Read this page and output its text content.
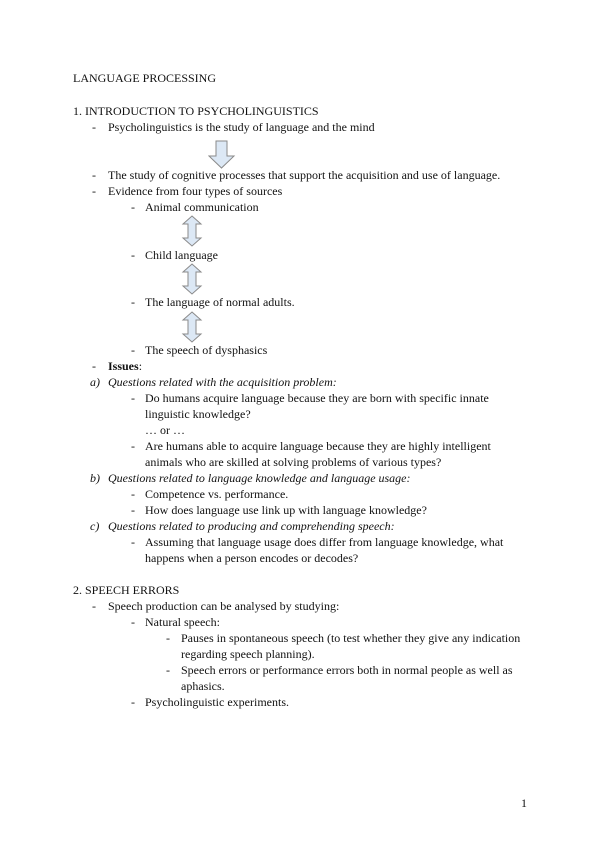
LANGUAGE PROCESSING
1. INTRODUCTION TO PSYCHOLINGUISTICS
- Psycholinguistics is the study of language and the mind
- The study of cognitive processes that support the acquisition and use of language.
- Evidence from four types of sources
- Animal communication
- Child language
- The language of normal adults.
- The speech of dysphasics
- Issues:
a) Questions related with the acquisition problem:
- Do humans acquire language because they are born with specific innate
linguistic knowledge?
… or …
- Are humans able to acquire language because they are highly intelligent
animals who are skilled at solving problems of various types?
b) Questions related to language knowledge and language usage:
- Competence vs. performance.
- How does language use link up with language knowledge?
c) Questions related to producing and comprehending speech:
- Assuming that language usage does differ from language knowledge, what
happens when a person encodes or decodes?
2. SPEECH ERRORS
- Speech production can be analysed by studying:
- Natural speech:
- Pauses in spontaneous speech (to test whether they give any indication
regarding speech planning).
- Speech errors or performance errors both in normal people as well as
aphasics.
- Psycholinguistic experiments.
1
